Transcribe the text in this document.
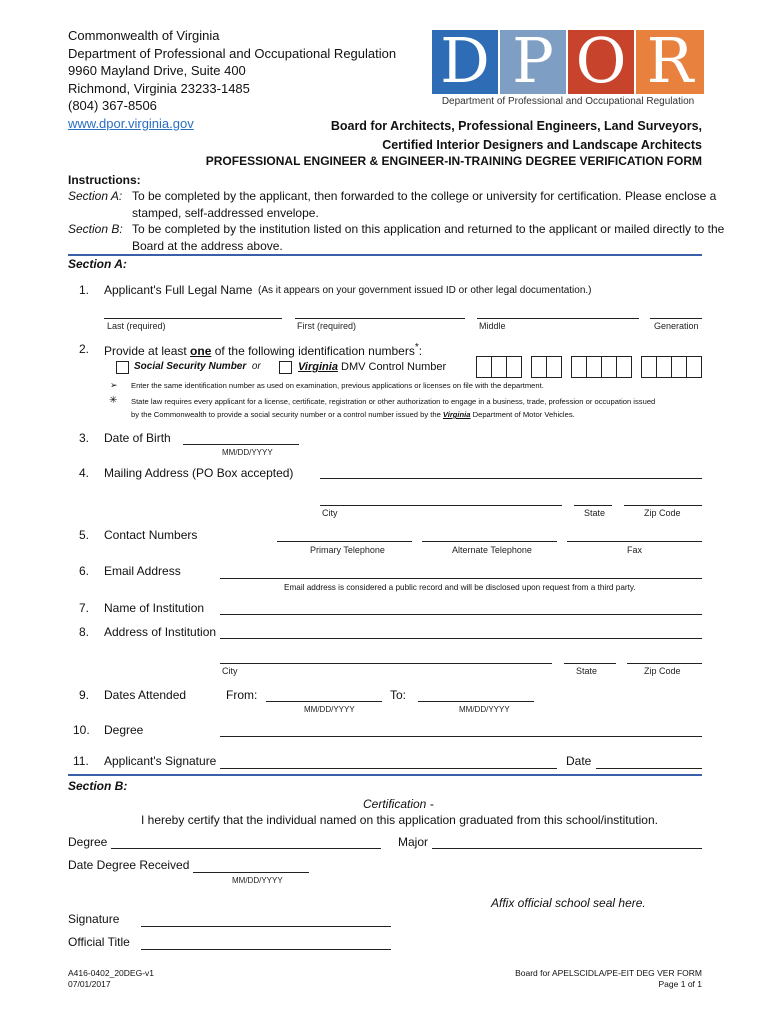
Commonwealth of Virginia
Department of Professional and Occupational Regulation
9960 Mayland Drive, Suite 400
Richmond, Virginia 23233-1485
(804) 367-8506
www.dpor.virginia.gov
D P O R
Department of Professional and Occupational Regulation
Board for Architects, Professional Engineers, Land Surveyors,
Certified Interior Designers and Landscape Architects
PROFESSIONAL ENGINEER & ENGINEER-IN-TRAINING DEGREE VERIFICATION FORM
Instructions:
Section A: To be completed by the applicant, then forwarded to the college or university for certification. Please enclose a
stamped, self-addressed envelope.
Section B: To be completed by the institution listed on this application and returned to the applicant or mailed directly to the
Board at the address above.
Section A:
1. Applicant's Full Legal Name (As it appears on your government issued ID or other legal documentation.)
Last (required)	First (required)	Middle	Generation
2. Provide at least one of the following identification numbers*:
Social Security Number or	Virginia DMV Control Number
➢ Enter the same identification number as used on examination, previous applications or licenses on file with the department.
✳ State law requires every applicant for a license, certificate, registration or other authorization to engage in a business, trade, profession or occupation issued
by the Commonwealth to provide a social security number or a control number issued by the Virginia Department of Motor Vehicles.
3. Date of Birth
MM/DD/YYYY
4. Mailing Address (PO Box accepted)
City	State	Zip Code
5. Contact Numbers
Primary Telephone	Alternate Telephone	Fax
6. Email Address
Email address is considered a public record and will be disclosed upon request from a third party.
7. Name of Institution
8. Address of Institution
City	State	Zip Code
9. Dates Attended	From:	To:
MM/DD/YYYY	MM/DD/YYYY
10. Degree
11. Applicant's Signature	Date
Section B:
Certification -
I hereby certify that the individual named on this application graduated from this school/institution.
Degree	Major
Date Degree Received
MM/DD/YYYY
Affix official school seal here.
Signature
Official Title
A416-0402_20DEG-v1
07/01/2017
Board for APELSCIDLA/PE-EIT DEG VER FORM
Page 1 of 1
